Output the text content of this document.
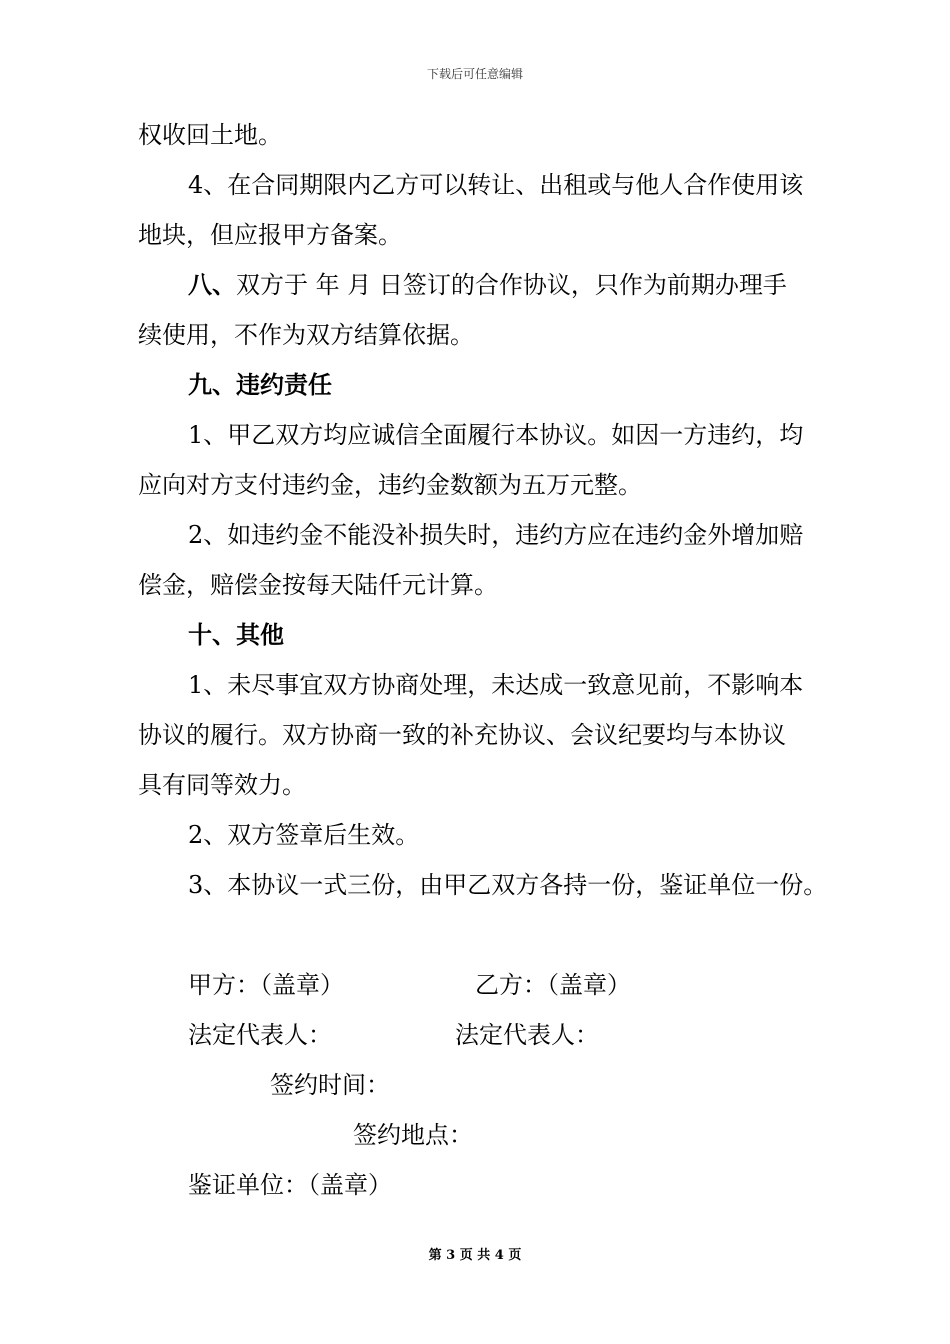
下载后可任意编辑
权收回土地。
4、在合同期限内乙方可以转让、出租或与他人合作使用该
地块，但应报甲方备案。
八、双方于 年 月 日签订的合作协议，只作为前期办理手
续使用，不作为双方结算依据。
九、违约责任
1、甲乙双方均应诚信全面履行本协议。如因一方违约，均
应向对方支付违约金，违约金数额为五万元整。
2、如违约金不能没补损失时，违约方应在违约金外增加赔
偿金，赔偿金按每天陆仟元计算。
十、其他
1、未尽事宜双方协商处理，未达成一致意见前，不影响本
协议的履行。双方协商一致的补充协议、会议纪要均与本协议
具有同等效力。
2、双方签章后生效。
3、本协议一式三份，由甲乙双方各持一份，鉴证单位一份。
甲方：（盖章）	乙方：（盖章）
法定代表人：	法定代表人：
签约时间：
签约地点：
鉴证单位：（盖章）
第 3 页 共 4 页
